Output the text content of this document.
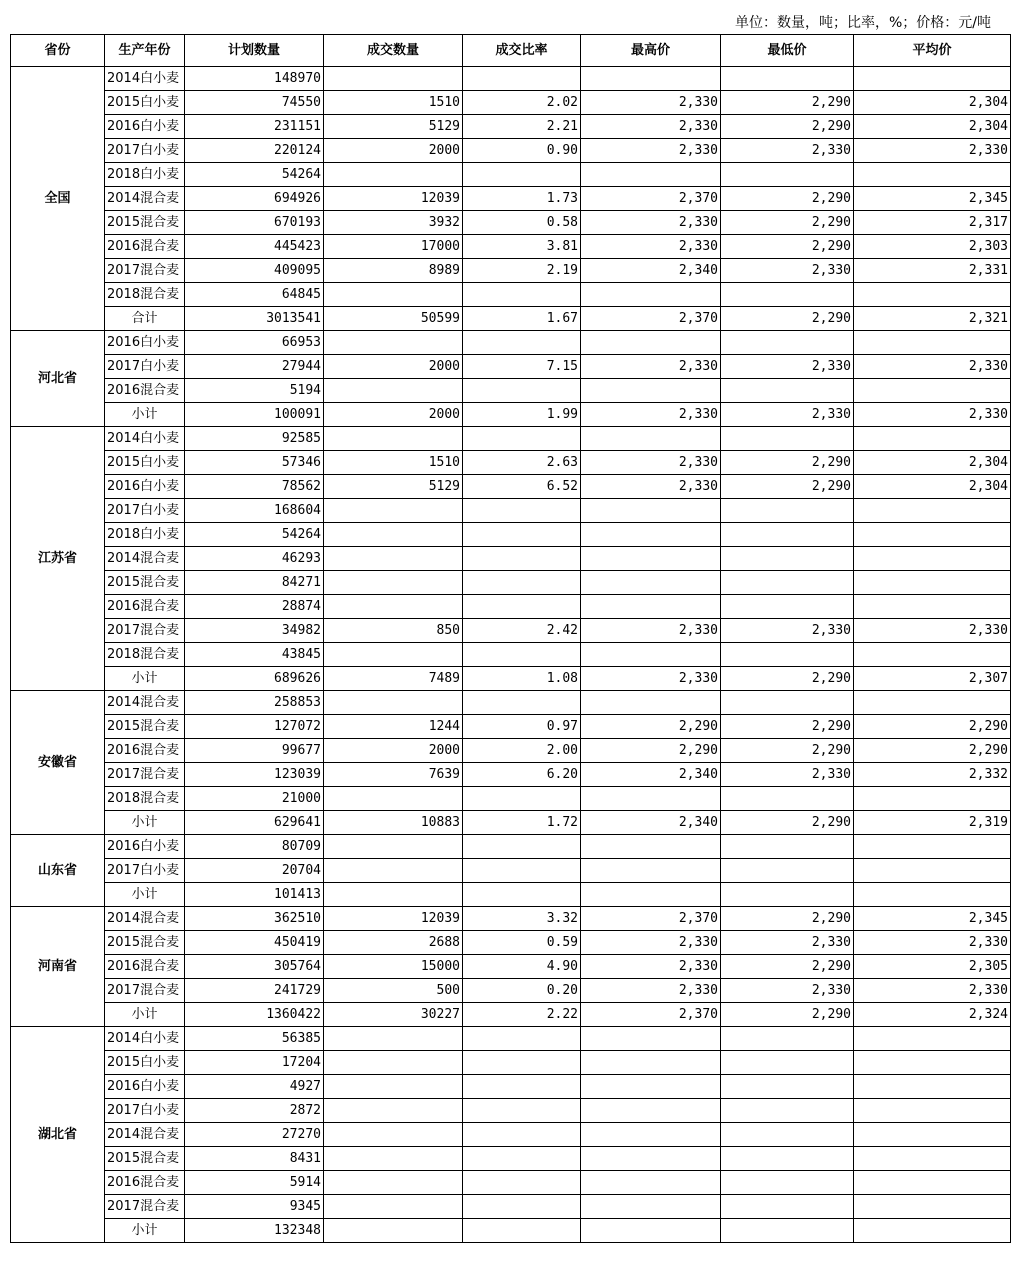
单位：数量，吨；比率，%；价格：元/吨
省份	生产年份	计划数量	成交数量	成交比率	最高价	最低价	平均价
全国	2014白小麦	148970					
	2015白小麦	74550	1510	2.02	2,330	2,290	2,304
	2016白小麦	231151	5129	2.21	2,330	2,290	2,304
	2017白小麦	220124	2000	0.90	2,330	2,330	2,330
	2018白小麦	54264					
	2014混合麦	694926	12039	1.73	2,370	2,290	2,345
	2015混合麦	670193	3932	0.58	2,330	2,290	2,317
	2016混合麦	445423	17000	3.81	2,330	2,290	2,303
	2017混合麦	409095	8989	2.19	2,340	2,330	2,331
	2018混合麦	64845					
	合计	3013541	50599	1.67	2,370	2,290	2,321
河北省	2016白小麦	66953					
	2017白小麦	27944	2000	7.15	2,330	2,330	2,330
	2016混合麦	5194					
	小计	100091	2000	1.99	2,330	2,330	2,330
江苏省	2014白小麦	92585					
	2015白小麦	57346	1510	2.63	2,330	2,290	2,304
	2016白小麦	78562	5129	6.52	2,330	2,290	2,304
	2017白小麦	168604					
	2018白小麦	54264					
	2014混合麦	46293					
	2015混合麦	84271					
	2016混合麦	28874					
	2017混合麦	34982	850	2.42	2,330	2,330	2,330
	2018混合麦	43845					
	小计	689626	7489	1.08	2,330	2,290	2,307
安徽省	2014混合麦	258853					
	2015混合麦	127072	1244	0.97	2,290	2,290	2,290
	2016混合麦	99677	2000	2.00	2,290	2,290	2,290
	2017混合麦	123039	7639	6.20	2,340	2,330	2,332
	2018混合麦	21000					
	小计	629641	10883	1.72	2,340	2,290	2,319
山东省	2016白小麦	80709					
	2017白小麦	20704					
	小计	101413					
河南省	2014混合麦	362510	12039	3.32	2,370	2,290	2,345
	2015混合麦	450419	2688	0.59	2,330	2,330	2,330
	2016混合麦	305764	15000	4.90	2,330	2,290	2,305
	2017混合麦	241729	500	0.20	2,330	2,330	2,330
	小计	1360422	30227	2.22	2,370	2,290	2,324
湖北省	2014白小麦	56385					
	2015白小麦	17204					
	2016白小麦	4927					
	2017白小麦	2872					
	2014混合麦	27270					
	2015混合麦	8431					
	2016混合麦	5914					
	2017混合麦	9345					
	小计	132348					
